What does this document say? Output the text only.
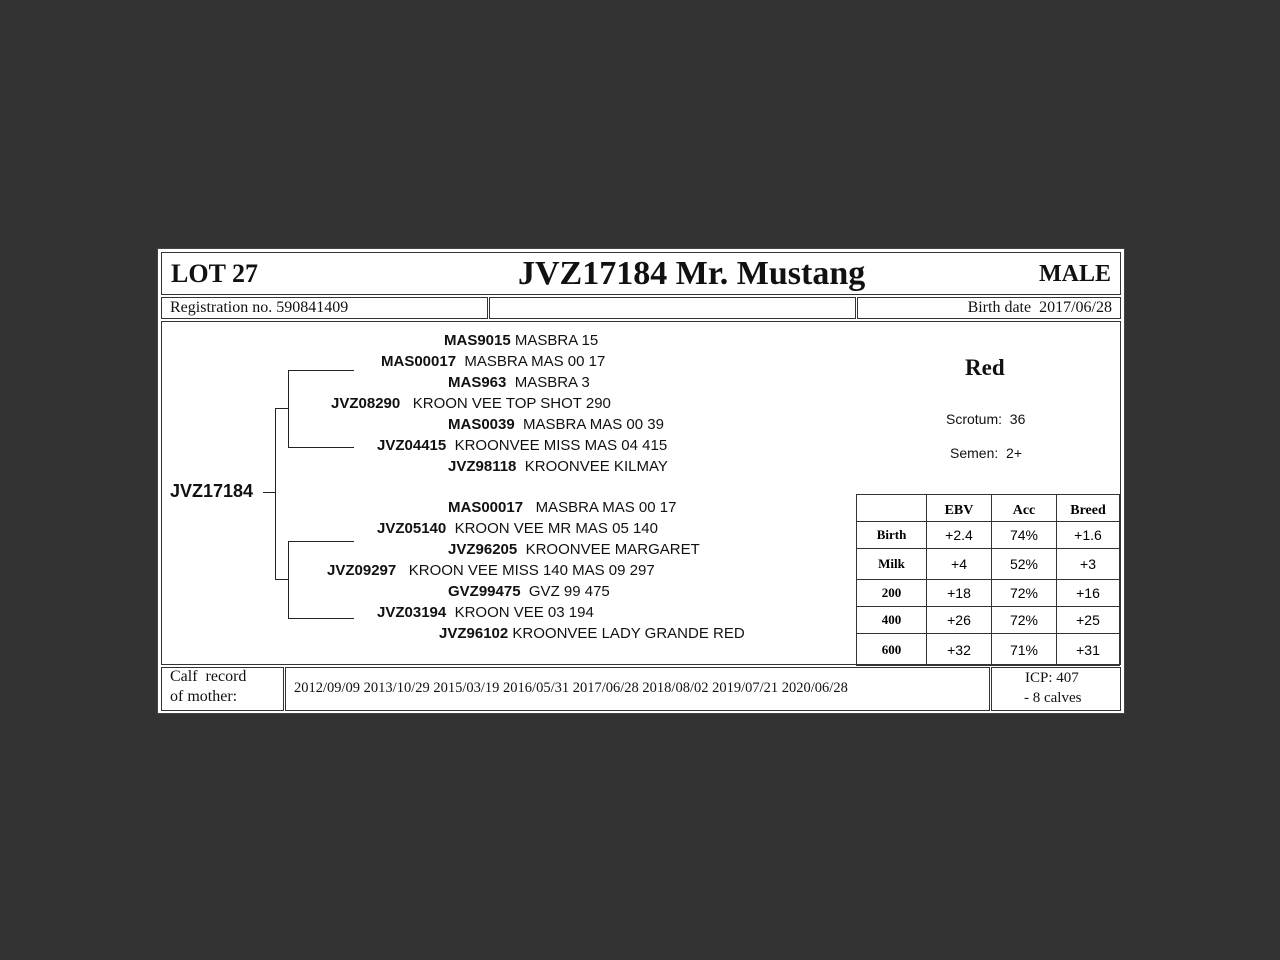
LOT 27	JVZ17184 Mr. Mustang	MALE
Registration no. 590841409	Birth date 2017/06/28
JVZ17184
MAS9015 MASBRA 15
MAS00017 MASBRA MAS 00 17
MAS963 MASBRA 3
JVZ08290 KROON VEE TOP SHOT 290
MAS0039 MASBRA MAS 00 39
JVZ04415 KROONVEE MISS MAS 04 415
JVZ98118 KROONVEE KILMAY
MAS00017 MASBRA MAS 00 17
JVZ05140 KROON VEE MR MAS 05 140
JVZ96205 KROONVEE MARGARET
JVZ09297 KROON VEE MISS 140 MAS 09 297
GVZ99475 GVZ 99 475
JVZ03194 KROON VEE 03 194
JVZ96102 KROONVEE LADY GRANDE RED
Red
Scrotum: 36
Semen: 2+
	EBV	Acc	Breed
Birth	+2.4	74%	+1.6
Milk	+4	52%	+3
200	+18	72%	+16
400	+26	72%	+25
600	+32	71%	+31
Calf  record
of mother:	2012/09/09 2013/10/29 2015/03/19 2016/05/31 2017/06/28 2018/08/02 2019/07/21 2020/06/28
ICP: 407
- 8 calves
